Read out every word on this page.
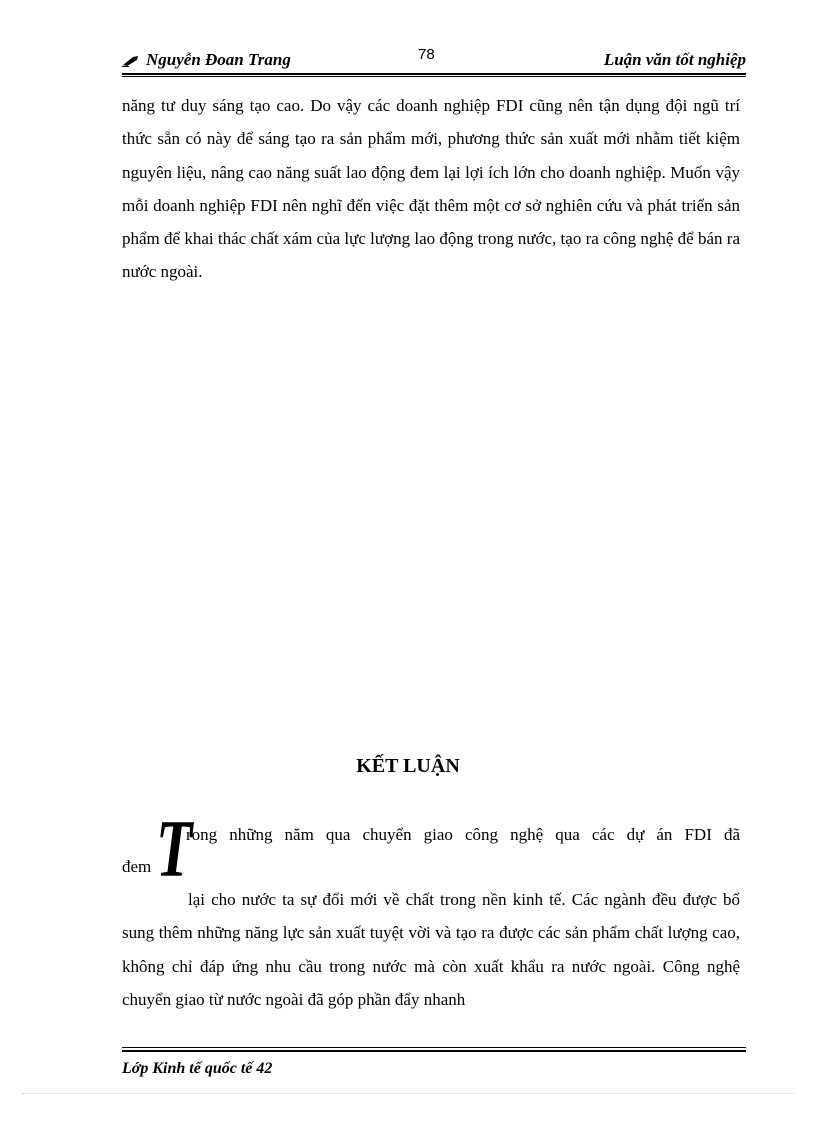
Nguyễn Đoan Trang	78	Luận văn tốt nghiệp

năng tư duy sáng tạo cao. Do vậy các doanh nghiệp FDI cũng nên tận dụng đội ngũ trí thức sẵn có này để sáng tạo ra sản phẩm mới, phương thức sản xuất mới nhằm tiết kiệm nguyên liệu, nâng cao năng suất lao động đem lại lợi ích lớn cho doanh nghiệp. Muốn vậy mỗi doanh nghiệp FDI nên nghĩ đến việc đặt thêm một cơ sở nghiên cứu và phát triển sản phẩm để khai thác chất xám của lực lượng lao động trong nước, tạo ra công nghệ để bán ra nước ngoài.

KẾT LUẬN
T
rong những năm qua chuyển giao công nghệ qua các dự án FDI đã
đem

lại cho nước ta sự đổi mới về chất trong nền kinh tế. Các ngành đều được bổ sung thêm những năng lực sản xuất tuyệt vời và tạo ra được các sản phẩm chất lượng cao, không chỉ đáp ứng nhu cầu trong nước mà còn xuất khẩu ra nước ngoài. Công nghệ chuyển giao từ nước ngoài đã góp phần đẩy nhanh

Lớp Kinh tế quốc tế 42
